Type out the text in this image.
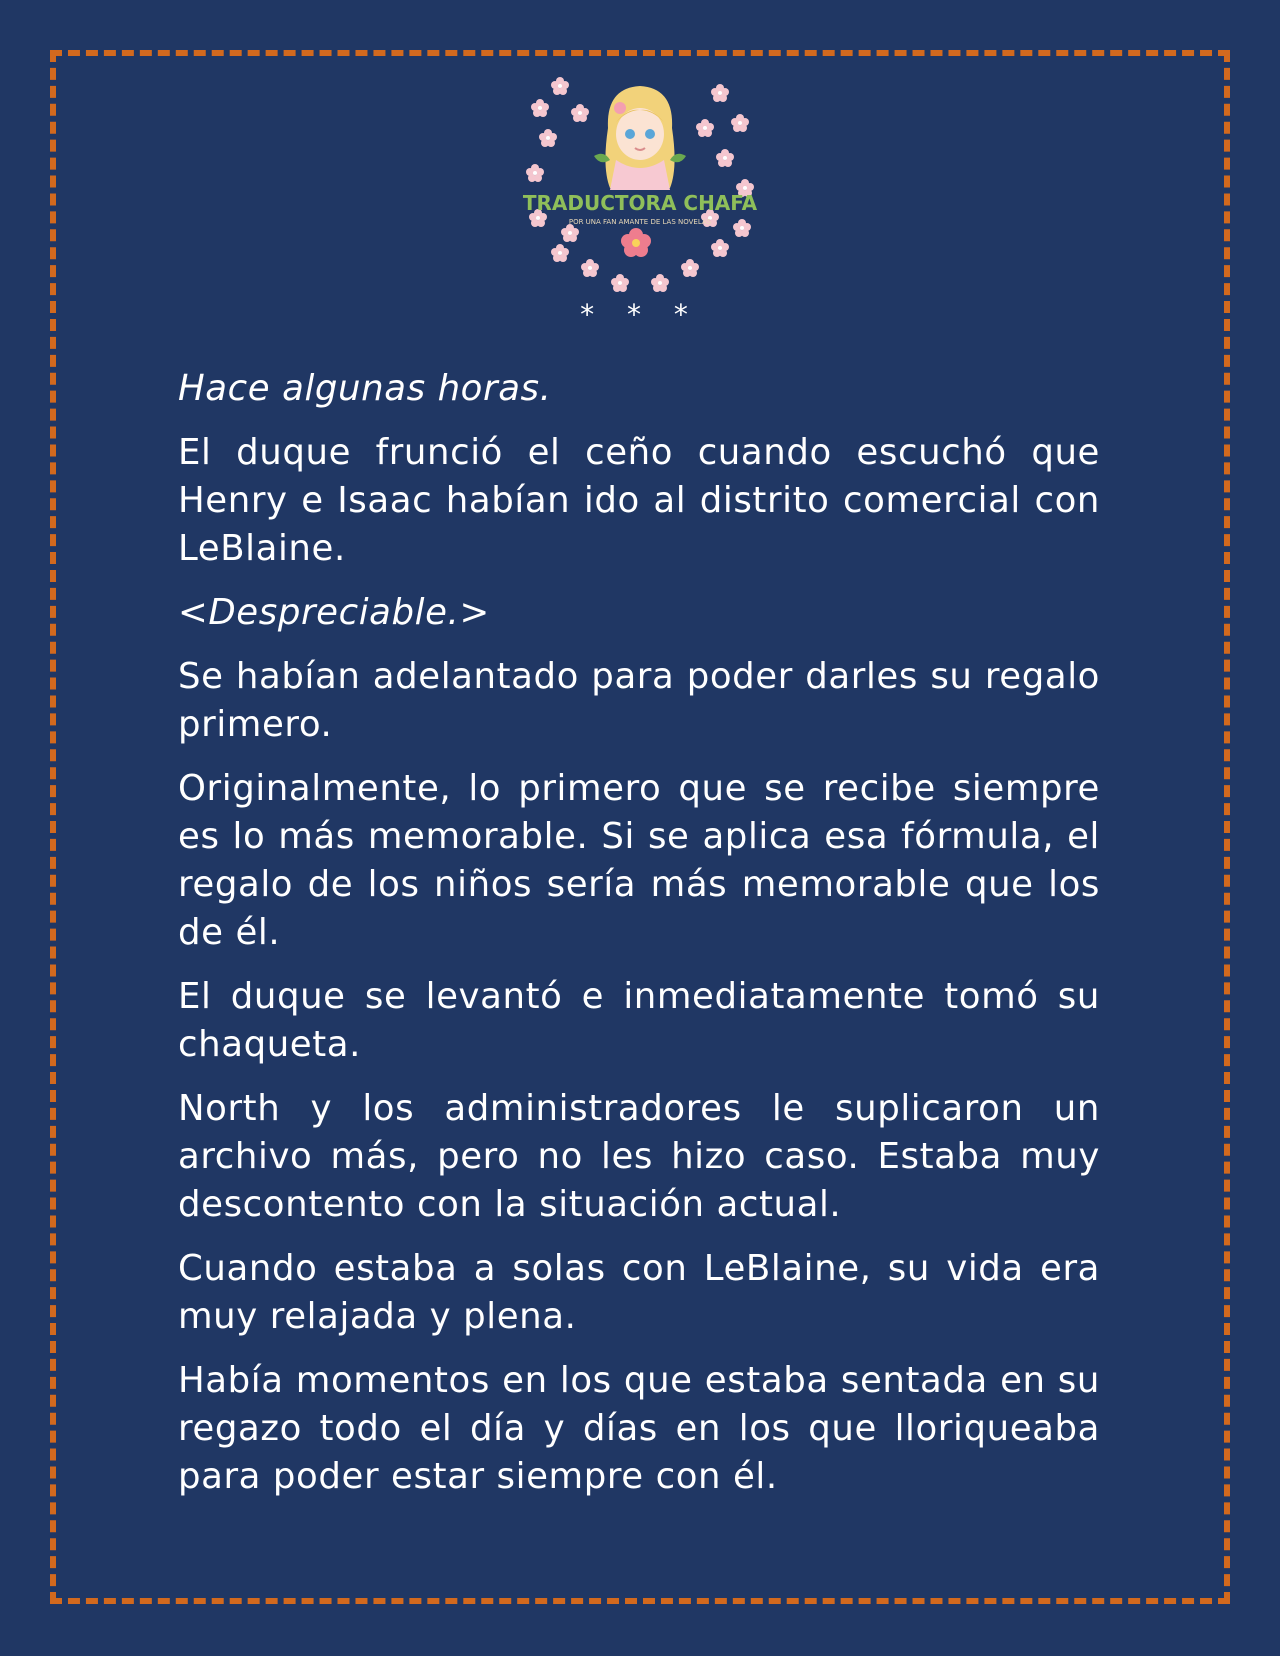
TRADUCTORA CHAFA
POR UNA FAN AMANTE DE LAS NOVELAS
* * *

Hace algunas horas.

El duque frunció el ceño cuando escuchó que Henry e Isaac habían ido al distrito comercial con LeBlaine.

<Despreciable.>

Se habían adelantado para poder darles su regalo primero.

Originalmente, lo primero que se recibe siempre es lo más memorable. Si se aplica esa fórmula, el regalo de los niños sería más memorable que los de él.

El duque se levantó e inmediatamente tomó su chaqueta.

North y los administradores le suplicaron un archivo más, pero no les hizo caso. Estaba muy descontento con la situación actual.

Cuando estaba a solas con LeBlaine, su vida era muy relajada y plena.

Había momentos en los que estaba sentada en su regazo todo el día y días en los que lloriqueaba para poder estar siempre con él.
